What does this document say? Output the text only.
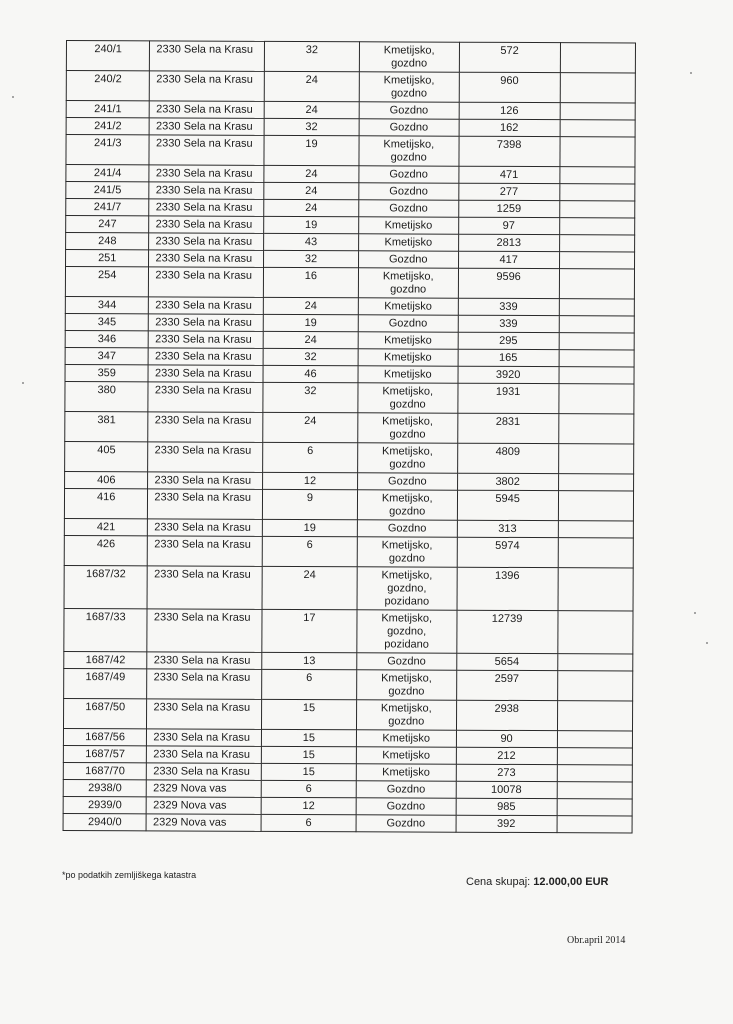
240/1	2330 Sela na Krasu	32	Kmetijsko,
gozdno	572	
240/2	2330 Sela na Krasu	24	Kmetijsko,
gozdno	960	
241/1	2330 Sela na Krasu	24	Gozdno	126	
241/2	2330 Sela na Krasu	32	Gozdno	162	
241/3	2330 Sela na Krasu	19	Kmetijsko,
gozdno	7398	
241/4	2330 Sela na Krasu	24	Gozdno	471	
241/5	2330 Sela na Krasu	24	Gozdno	277	
241/7	2330 Sela na Krasu	24	Gozdno	1259	
247	2330 Sela na Krasu	19	Kmetijsko	97	
248	2330 Sela na Krasu	43	Kmetijsko	2813	
251	2330 Sela na Krasu	32	Gozdno	417	
254	2330 Sela na Krasu	16	Kmetijsko,
gozdno	9596	
344	2330 Sela na Krasu	24	Kmetijsko	339	
345	2330 Sela na Krasu	19	Gozdno	339	
346	2330 Sela na Krasu	24	Kmetijsko	295	
347	2330 Sela na Krasu	32	Kmetijsko	165	
359	2330 Sela na Krasu	46	Kmetijsko	3920	
380	2330 Sela na Krasu	32	Kmetijsko,
gozdno	1931	
381	2330 Sela na Krasu	24	Kmetijsko,
gozdno	2831	
405	2330 Sela na Krasu	6	Kmetijsko,
gozdno	4809	
406	2330 Sela na Krasu	12	Gozdno	3802	
416	2330 Sela na Krasu	9	Kmetijsko,
gozdno	5945	
421	2330 Sela na Krasu	19	Gozdno	313	
426	2330 Sela na Krasu	6	Kmetijsko,
gozdno	5974	
1687/32	2330 Sela na Krasu	24	Kmetijsko,
gozdno,
pozidano	1396	
1687/33	2330 Sela na Krasu	17	Kmetijsko,
gozdno,
pozidano	12739	
1687/42	2330 Sela na Krasu	13	Gozdno	5654	
1687/49	2330 Sela na Krasu	6	Kmetijsko,
gozdno	2597	
1687/50	2330 Sela na Krasu	15	Kmetijsko,
gozdno	2938	
1687/56	2330 Sela na Krasu	15	Kmetijsko	90	
1687/57	2330 Sela na Krasu	15	Kmetijsko	212	
1687/70	2330 Sela na Krasu	15	Kmetijsko	273	
2938/0	2329 Nova vas	6	Gozdno	10078	
2939/0	2329 Nova vas	12	Gozdno	985	
2940/0	2329 Nova vas	6	Gozdno	392	
*po podatkih zemljiškega katastra
Cena skupaj: 12.000,00 EUR
Obr.april 2014
